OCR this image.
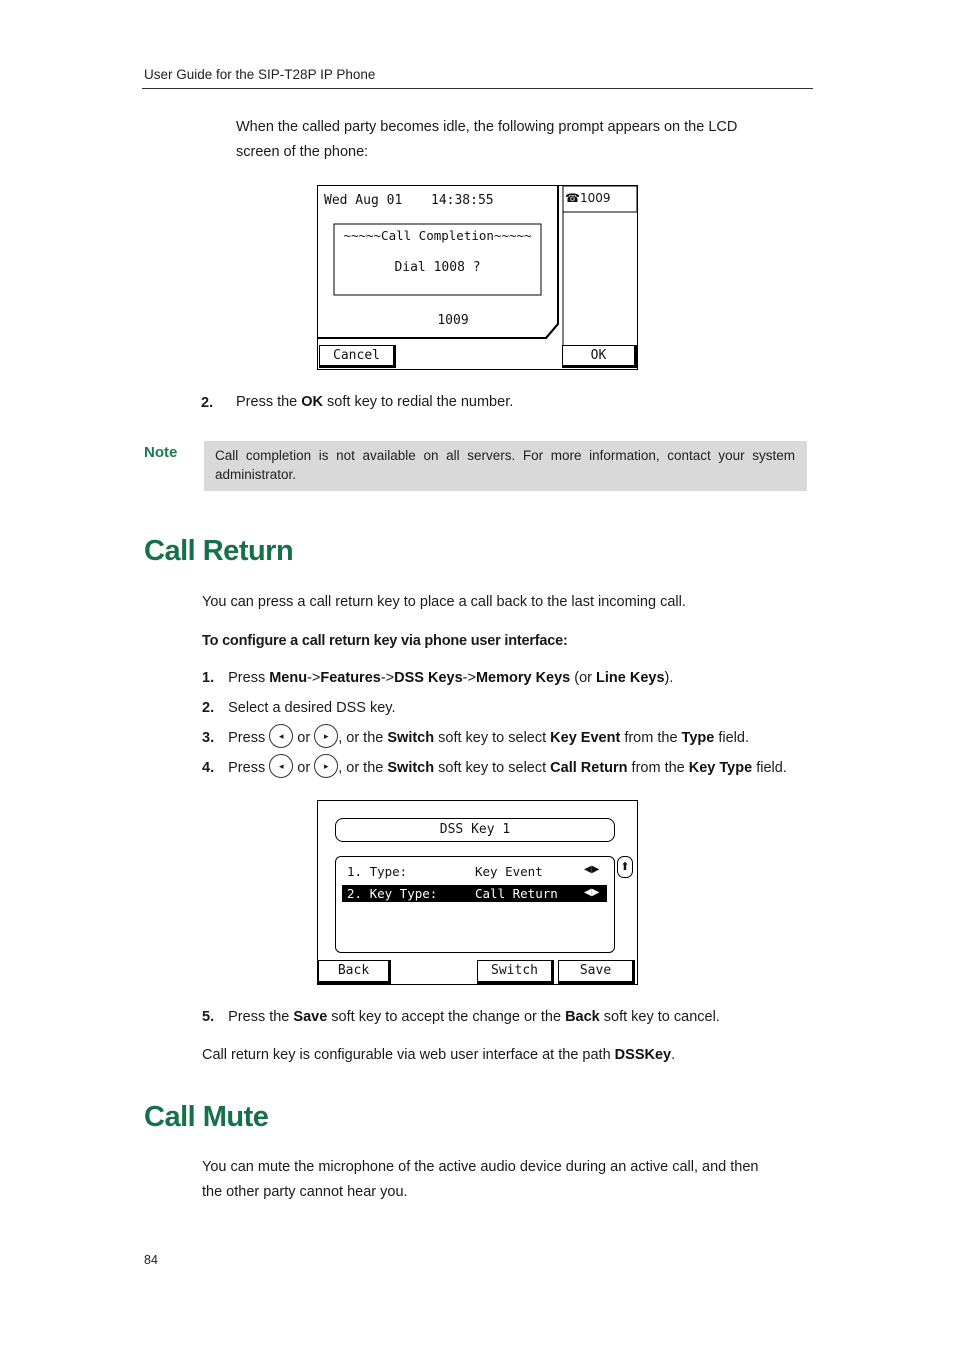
User Guide for the SIP-T28P IP Phone
When the called party becomes idle, the following prompt appears on the LCD
screen of the phone:
Wed Aug 01 14:38:55	☎1009
~~~~~Call Completion~~~~~
Dial 1008 ?
1009
Cancel	OK
2. Press the OK soft key to redial the number.
Note	Call completion is not available on all servers. For more information, contact your system administrator.
Call Return
You can press a call return key to place a call back to the last incoming call.
To configure a call return key via phone user interface:
1. Press Menu->Features->DSS Keys->Memory Keys (or Line Keys).
2. Select a desired DSS key.
3. Press ◂ or ▸ , or the Switch soft key to select Key Event from the Type field.
4. Press ◂ or ▸ , or the Switch soft key to select Call Return from the Key Type field.
DSS Key 1
1. Type:	Key Event	◀▶
2. Key Type:	Call Return	◀▶
⬆
Back	Switch	Save
5. Press the Save soft key to accept the change or the Back soft key to cancel.
Call return key is configurable via web user interface at the path DSSKey.
Call Mute
You can mute the microphone of the active audio device during an active call, and then
the other party cannot hear you.
84
